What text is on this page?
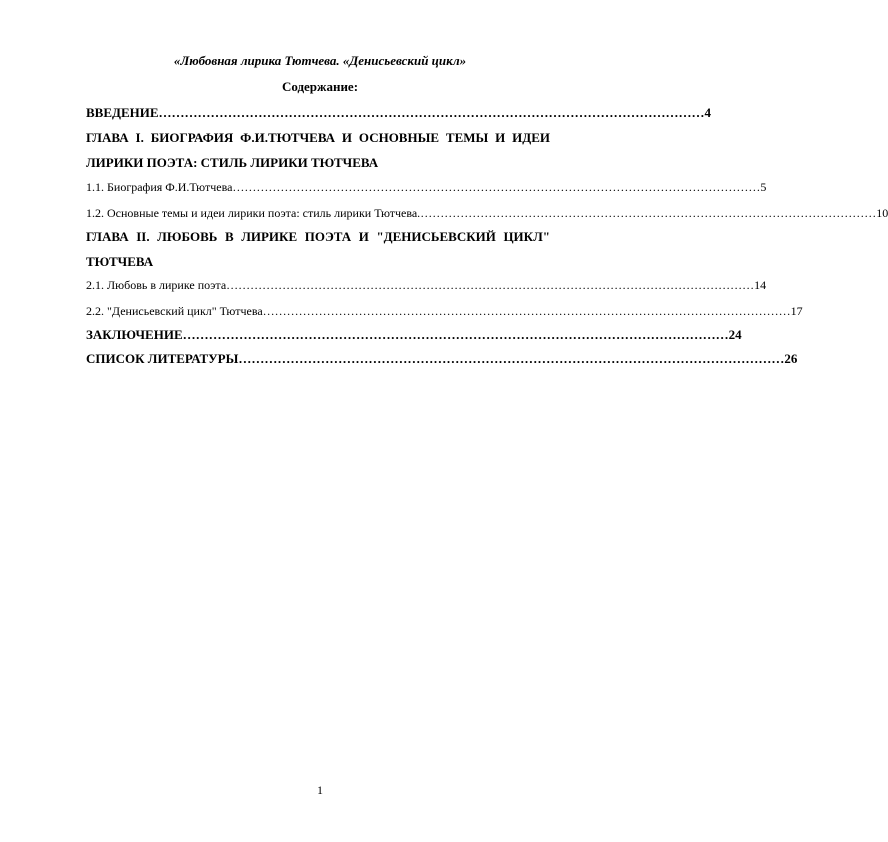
«Любовная лирика Тютчева. «Денисьевский цикл»
Содержание:
ВВЕДЕНИЕ ……………………………………………………………………………………………………………… 4
ГЛАВА I. БИОГРАФИЯ Ф.И.ТЮТЧЕВА И ОСНОВНЫЕ ТЕМЫ И ИДЕИ ЛИРИКИ ПОЭТА: СТИЛЬ ЛИРИКИ ТЮТЧЕВА
1.1. Биография Ф.И.Тютчева …………………………………………………………………………………………………………………… 5
1.2. Основные темы и идеи лирики поэта: стиль лирики Тютчева. …………………………………………………………………………………………………… 10
ГЛАВА II. ЛЮБОВЬ В ЛИРИКЕ ПОЭТА И "ДЕНИСЬЕВСКИЙ ЦИКЛ" ТЮТЧЕВА
2.1. Любовь в лирике поэта …………………………………………………………………………………………………………………… 14
2.2. "Денисьевский цикл" Тютчева …………………………………………………………………………………………………………………… 17
ЗАКЛЮЧЕНИЕ ……………………………………………………………………………………………………………… 24
СПИСОК ЛИТЕРАТУРЫ ……………………………………………………………………………………………………………… 26
1
